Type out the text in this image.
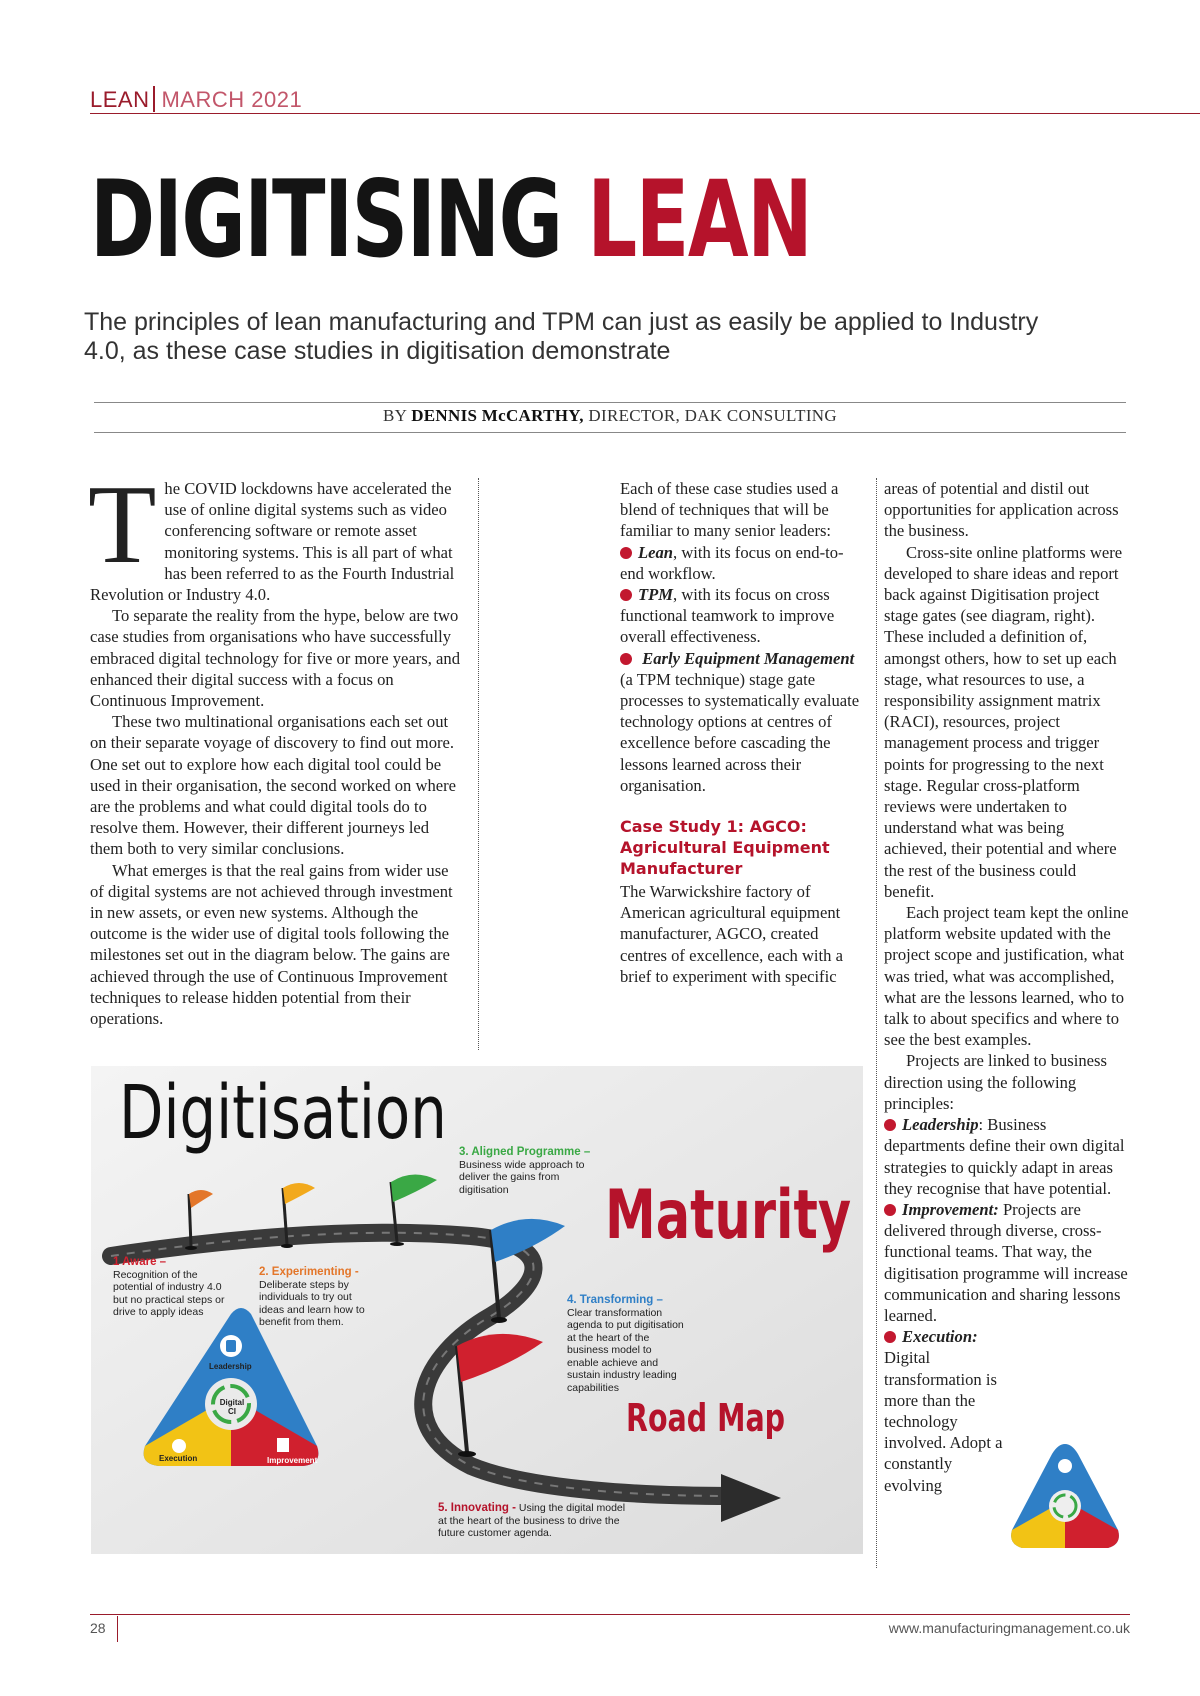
LEAN MARCH 2021
DIGITISING LEAN
The principles of lean manufacturing and TPM can just as easily be applied to Industry 4.0, as these case studies in digitisation demonstrate
BY DENNIS McCARTHY, DIRECTOR, DAK CONSULTING

The COVID lockdowns have accelerated the use of online digital systems such as video conferencing software or remote asset monitoring systems. This is all part of what has been referred to as the Fourth Industrial Revolution or Industry 4.0.

To separate the reality from the hype, below are two case studies from organisations who have successfully embraced digital technology for five or more years, and enhanced their digital success with a focus on Continuous Improvement.

These two multinational organisations each set out on their separate voyage of discovery to find out more. One set out to explore how each digital tool could be used in their organisation, the second worked on where are the problems and what could digital tools do to resolve them. However, their different journeys led them both to very similar conclusions.

What emerges is that the real gains from wider use of digital systems are not achieved through investment in new assets, or even new systems. Although the outcome is the wider use of digital tools following the milestones set out in the diagram below. The gains are achieved through the use of Continuous Improvement techniques to release hidden potential from their operations.

Each of these case studies used a blend of techniques that will be familiar to many senior leaders:

Lean, with its focus on end-to-end workflow.

TPM, with its focus on cross functional teamwork to improve overall effectiveness.

Early Equipment Management (a TPM technique) stage gate processes to systematically evaluate technology options at centres of excellence before cascading the lessons learned across their organisation.

Case Study 1: AGCO: Agricultural Equipment Manufacturer

The Warwickshire factory of American agricultural equipment manufacturer, AGCO, created centres of excellence, each with a brief to experiment with specific

areas of potential and distil out opportunities for application across the business.

Cross-site online platforms were developed to share ideas and report back against Digitisation project stage gates (see diagram, right). These included a definition of, amongst others, how to set up each stage, what resources to use, a responsibility assignment matrix (RACI), resources, project management process and trigger points for progressing to the next stage. Regular cross-platform reviews were undertaken to understand what was being achieved, their potential and where the rest of the business could benefit.

Each project team kept the online platform website updated with the project scope and justification, what was tried, what was accomplished, what are the lessons learned, who to talk to about specifics and where to see the best examples.

Projects are linked to business direction using the following principles:

Leadership: Business departments define their own digital strategies to quickly adapt in areas they recognise that have potential.

Improvement: Projects are delivered through diverse, cross-functional teams. That way, the digitisation programme will increase communication and sharing lessons learned.

Execution: Digital transformation is more than the technology involved. Adopt a constantly evolving

Digitisation
Maturity
Road Map
1 Aware –
Recognition of the potential of industry 4.0 but no practical steps or drive to apply ideas
2. Experimenting -
Deliberate steps by individuals to try out ideas and learn how to benefit from them.
3. Aligned Programme –
Business wide approach to deliver the gains from digitisation
4. Transforming –
Clear transformation agenda to put digitisation at the heart of the business model to enable achieve and sustain industry leading capabilities
5. Innovating - Using the digital model at the heart of the business to drive the future customer agenda.
Leadership
Execution	Improvement
Digital CI
28	www.manufacturingmanagement.co.uk
